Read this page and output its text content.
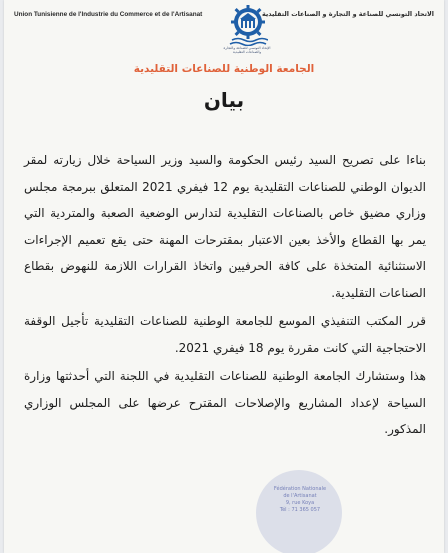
Union Tunisienne de l'Industrie du Commerce et de l'Artisanat
الإتحاد التونسي للصناعة والتجارة والصناعات التقليدية
الاتحاد التونسي للصناعة و التجارة و الصناعات التقليدية
الجامعة الوطنية للصناعات التقليدية
بيان

بناءا على تصريح السيد رئيس الحكومة والسيد وزير السياحة خلال زيارته لمقر الديوان الوطني للصناعات التقليدية يوم 12 فيفري 2021 المتعلق ببرمجة مجلس وزاري مضيق خاص بالصناعات التقليدية لتدارس الوضعية الصعبة والمتردية التي يمر بها القطاع والأخذ بعين الاعتبار بمقترحات المهنة حتى يقع تعميم الإجراءات الاستثنائية المتخذة على كافة الحرفيين واتخاذ القرارات اللازمة للنهوض بقطاع الصناعات التقليدية.

قرر المكتب التنفيذي الموسع للجامعة الوطنية للصناعات التقليدية تأجيل الوقفة الاحتجاجية التي كانت مقررة يوم 18 فيفري 2021.

هذا وستشارك الجامعة الوطنية للصناعات التقليدية في اللجنة التي أحدثتها وزارة السياحة لإعداد المشاريع والإصلاحات المقترح عرضها على المجلس الوزاري المذكور.

Fédération Nationale
de l'Artisanat
9, rue Koya
Tél : 71 365 057
